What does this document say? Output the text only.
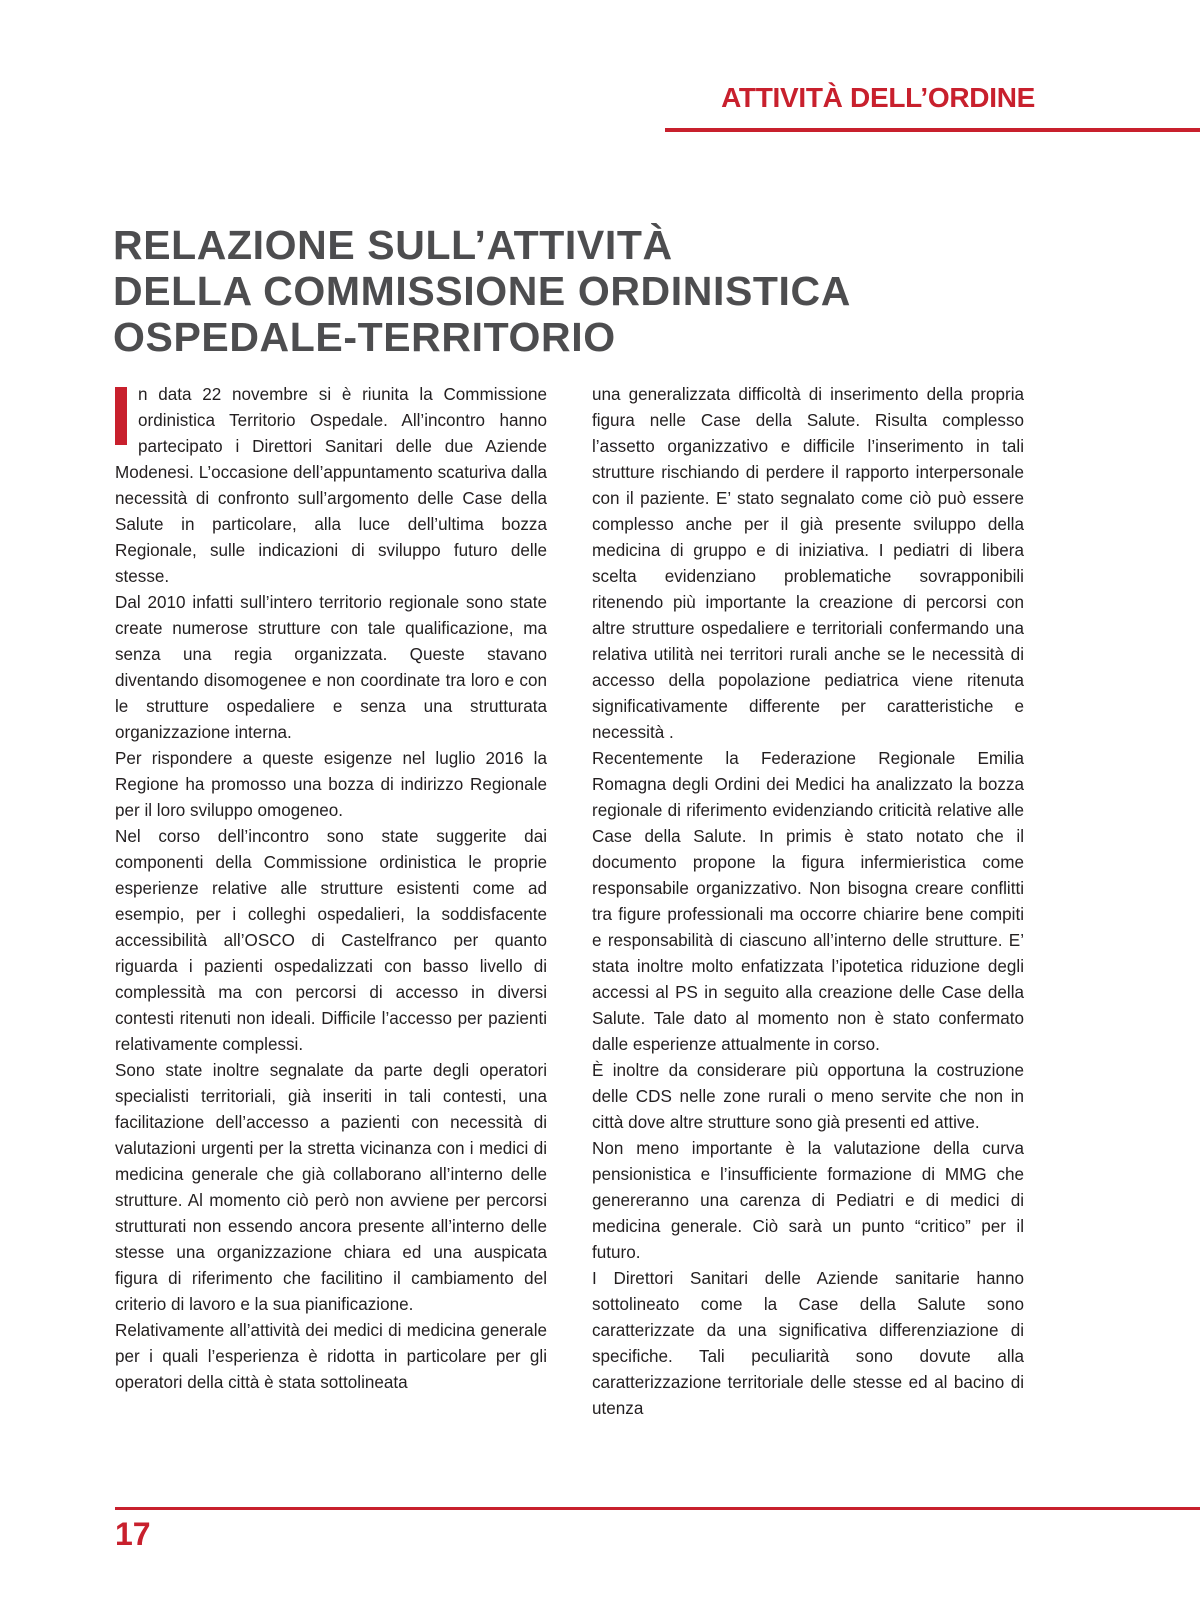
ATTIVITÀ DELL’ORDINE
RELAZIONE SULL’ATTIVITÀ
DELLA COMMISSIONE ORDINISTICA
OSPEDALE-TERRITORIO

n data 22 novembre si è riunita la Commissione ordinistica Territorio Ospedale. All’incontro hanno partecipato i Direttori Sanitari delle due Aziende Modenesi. L’occasione dell’appuntamento scaturiva dalla necessità di confronto sull’argomento delle Case della Salute in particolare, alla luce dell’ultima bozza Regionale, sulle indicazioni di sviluppo futuro delle stesse.

Dal 2010 infatti sull’intero territorio regionale sono state create numerose strutture con tale qualificazione, ma senza una regia organizzata. Queste stavano diventando disomogenee e non coordinate tra loro e con le strutture ospedaliere e senza una strutturata organizzazione interna.

Per rispondere a queste esigenze nel luglio 2016 la Regione ha promosso una bozza di indirizzo Regionale per il loro sviluppo omogeneo.

Nel corso dell’incontro sono state suggerite dai componenti della Commissione ordinistica le proprie esperienze relative alle strutture esistenti come ad esempio, per i colleghi ospedalieri, la soddisfacente accessibilità all’OSCO di Castelfranco per quanto riguarda i pazienti ospedalizzati con basso livello di complessità ma con percorsi di accesso in diversi contesti ritenuti non ideali. Difficile l’accesso per pazienti relativamente complessi.

Sono state inoltre segnalate da parte degli operatori specialisti territoriali, già inseriti in tali contesti, una facilitazione dell’accesso a pazienti con necessità di valutazioni urgenti per la stretta vicinanza con i medici di medicina generale che già collaborano all’interno delle strutture. Al momento ciò però non avviene per percorsi strutturati non essendo ancora presente all’interno delle stesse una organizzazione chiara ed una auspicata figura di riferimento che facilitino il cambiamento del criterio di lavoro e la sua pianificazione.

Relativamente all’attività dei medici di medicina generale per i quali l’esperienza è ridotta in particolare per gli operatori della città è stata sottolineata

una generalizzata difficoltà di inserimento della propria figura nelle Case della Salute. Risulta complesso l’assetto organizzativo e difficile l’inserimento in tali strutture rischiando di perdere il rapporto interpersonale con il paziente. E’ stato segnalato come ciò può essere complesso anche per il già presente sviluppo della medicina di gruppo e di iniziativa. I pediatri di libera scelta evidenziano problematiche sovrapponibili ritenendo più importante la creazione di percorsi con altre strutture ospedaliere e territoriali confermando una relativa utilità nei territori rurali anche se le necessità di accesso della popolazione pediatrica viene ritenuta significativamente differente per caratteristiche e necessità .

Recentemente la Federazione Regionale Emilia Romagna degli Ordini dei Medici ha analizzato la bozza regionale di riferimento evidenziando criticità relative alle Case della Salute. In primis è stato notato che il documento propone la figura infermieristica come responsabile organizzativo. Non bisogna creare conflitti tra figure professionali ma occorre chiarire bene compiti e responsabilità di ciascuno all’interno delle strutture. E’ stata inoltre molto enfatizzata l’ipotetica riduzione degli accessi al PS in seguito alla creazione delle Case della Salute. Tale dato al momento non è stato confermato dalle esperienze attualmente in corso.

È inoltre da considerare più opportuna la costruzione delle CDS nelle zone rurali o meno servite che non in città dove altre strutture sono già presenti ed attive.

Non meno importante è la valutazione della curva pensionistica e l’insufficiente formazione di MMG che genereranno una carenza di Pediatri e di medici di medicina generale. Ciò sarà un punto “critico” per il futuro.

I Direttori Sanitari delle Aziende sanitarie hanno sottolineato come la Case della Salute sono caratterizzate da una significativa differenziazione di specifiche. Tali peculiarità sono dovute alla caratterizzazione territoriale delle stesse ed al bacino di utenza

17
